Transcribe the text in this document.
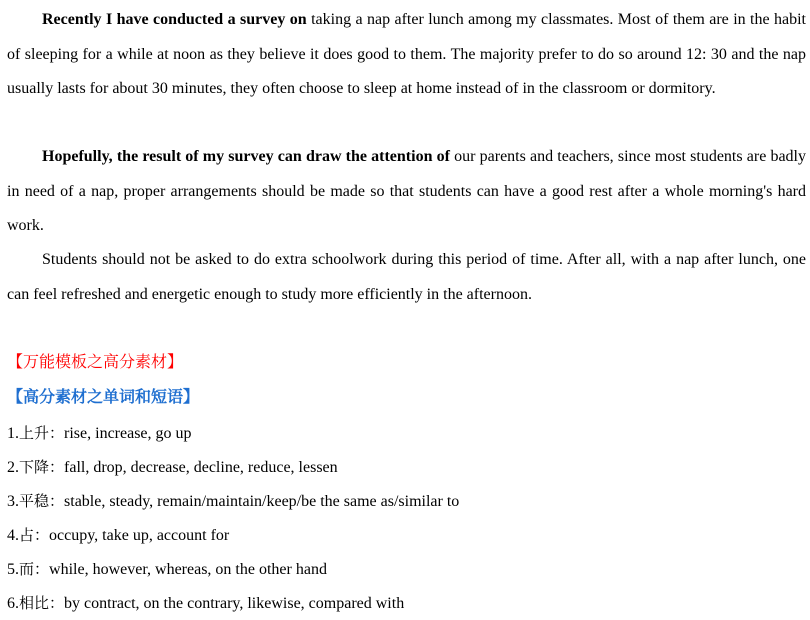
Recently I have conducted a survey on taking a nap after lunch among my classmates. Most of them are in the habit of sleeping for a while at noon as they believe it does good to them. The majority prefer to do so around 12: 30 and the nap usually lasts for about 30 minutes, they often choose to sleep at home instead of in the classroom or dormitory.

Hopefully, the result of my survey can draw the attention of our parents and teachers, since most students are badly in need of a nap, proper arrangements should be made so that students can have a good rest after a whole morning's hard work.

Students should not be asked to do extra schoolwork during this period of time. After all, with a nap after lunch, one can feel refreshed and energetic enough to study more efficiently in the afternoon.

【万能模板之高分素材】
【高分素材之单词和短语】
1.上升：rise, increase, go up
2.下降：fall, drop, decrease, decline, reduce, lessen
3.平稳：stable, steady, remain/maintain/keep/be the same as/similar to
4.占：occupy, take up, account for
5.而：while, however, whereas, on the other hand
6.相比：by contract, on the contrary, likewise, compared with
